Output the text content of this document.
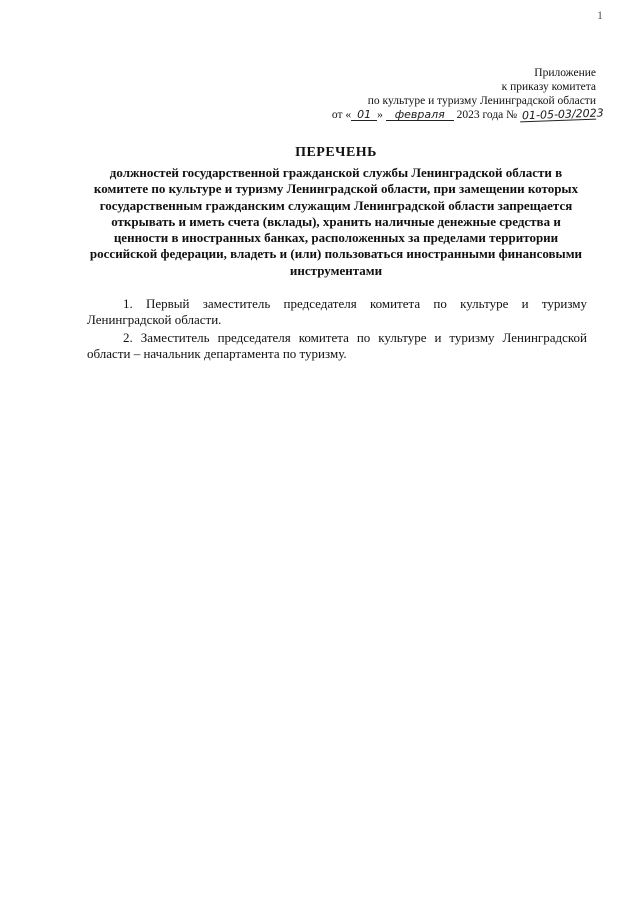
1
Приложение
к приказу комитета
по культуре и туризму Ленинградской области
от « 01 » февраля 2023 года № 01-05-03/2023
ПЕРЕЧЕНЬ
должностей государственной гражданской службы Ленинградской области в комитете по культуре и туризму Ленинградской области, при замещении которых государственным гражданским служащим Ленинградской области запрещается открывать и иметь счета (вклады), хранить наличные денежные средства и ценности в иностранных банках, расположенных за пределами территории российской федерации, владеть и (или) пользоваться иностранными финансовыми инструментами

1. Первый заместитель председателя комитета по культуре и туризму Ленинградской области.

2. Заместитель председателя комитета по культуре и туризму Ленинградской области – начальник департамента по туризму.
